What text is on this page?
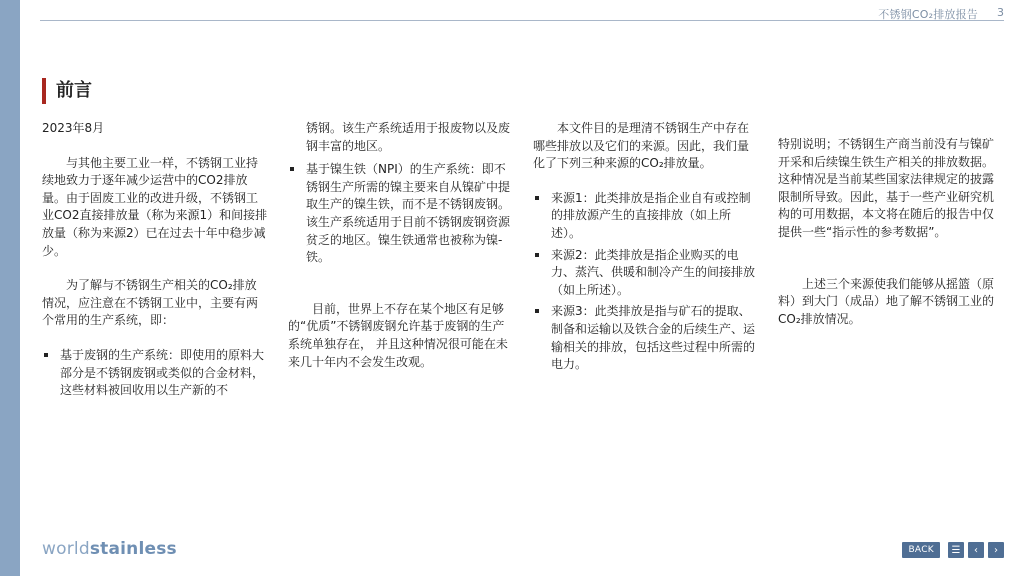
不锈钢CO₂排放报告 3
前言

2023年8月

与其他主要工业一样，不锈钢工业持续地致力于逐年减少运营中的CO2排放量。由于固废工业的改进升级，不锈钢工业CO2直接排放量（称为来源1）和间接排放量（称为来源2）已在过去十年中稳步减少。

为了解与不锈钢生产相关的CO₂排放情况，应注意在不锈钢工业中，主要有两个常用的生产系统，即：

基于废钢的生产系统：即使用的原料大部分是不锈钢废钢或类似的合金材料，这些材料被回收用以生产新的不

锈钢。该生产系统适用于报废物以及废钢丰富的地区。

基于镍生铁（NPI）的生产系统：即不锈钢生产所需的镍主要来自从镍矿中提取生产的镍生铁，而不是不锈钢废钢。该生产系统适用于目前不锈钢废钢资源贫乏的地区。镍生铁通常也被称为镍-铁。

目前，世界上不存在某个地区有足够的“优质”不锈钢废钢允许基于废钢的生产系统单独存在， 并且这种情况很可能在未来几十年内不会发生改观。

本文件目的是理清不锈钢生产中存在哪些排放以及它们的来源。因此，我们量化了下列三种来源的CO₂排放量。

来源1：此类排放是指企业自有或控制的排放源产生的直接排放（如上所述）。
来源2：此类排放是指企业购买的电力、蒸汽、供暖和制冷产生的间接排放（如上所述）。
来源3：此类排放是指与矿石的提取、制备和运输以及铁合金的后续生产、运输相关的排放，包括这些过程中所需的电力。

特别说明；不锈钢生产商当前没有与镍矿开采和后续镍生铁生产相关的排放数据。这种情况是当前某些国家法律规定的披露限制所导致。因此，基于一些产业研究机构的可用数据，本文将在随后的报告中仅提供一些“指示性的参考数据”。

上述三个来源使我们能够从摇篮（原料）到大门（成品）地了解不锈钢工业的CO₂排放情况。

worldstainless	BACK	☰	‹	›
